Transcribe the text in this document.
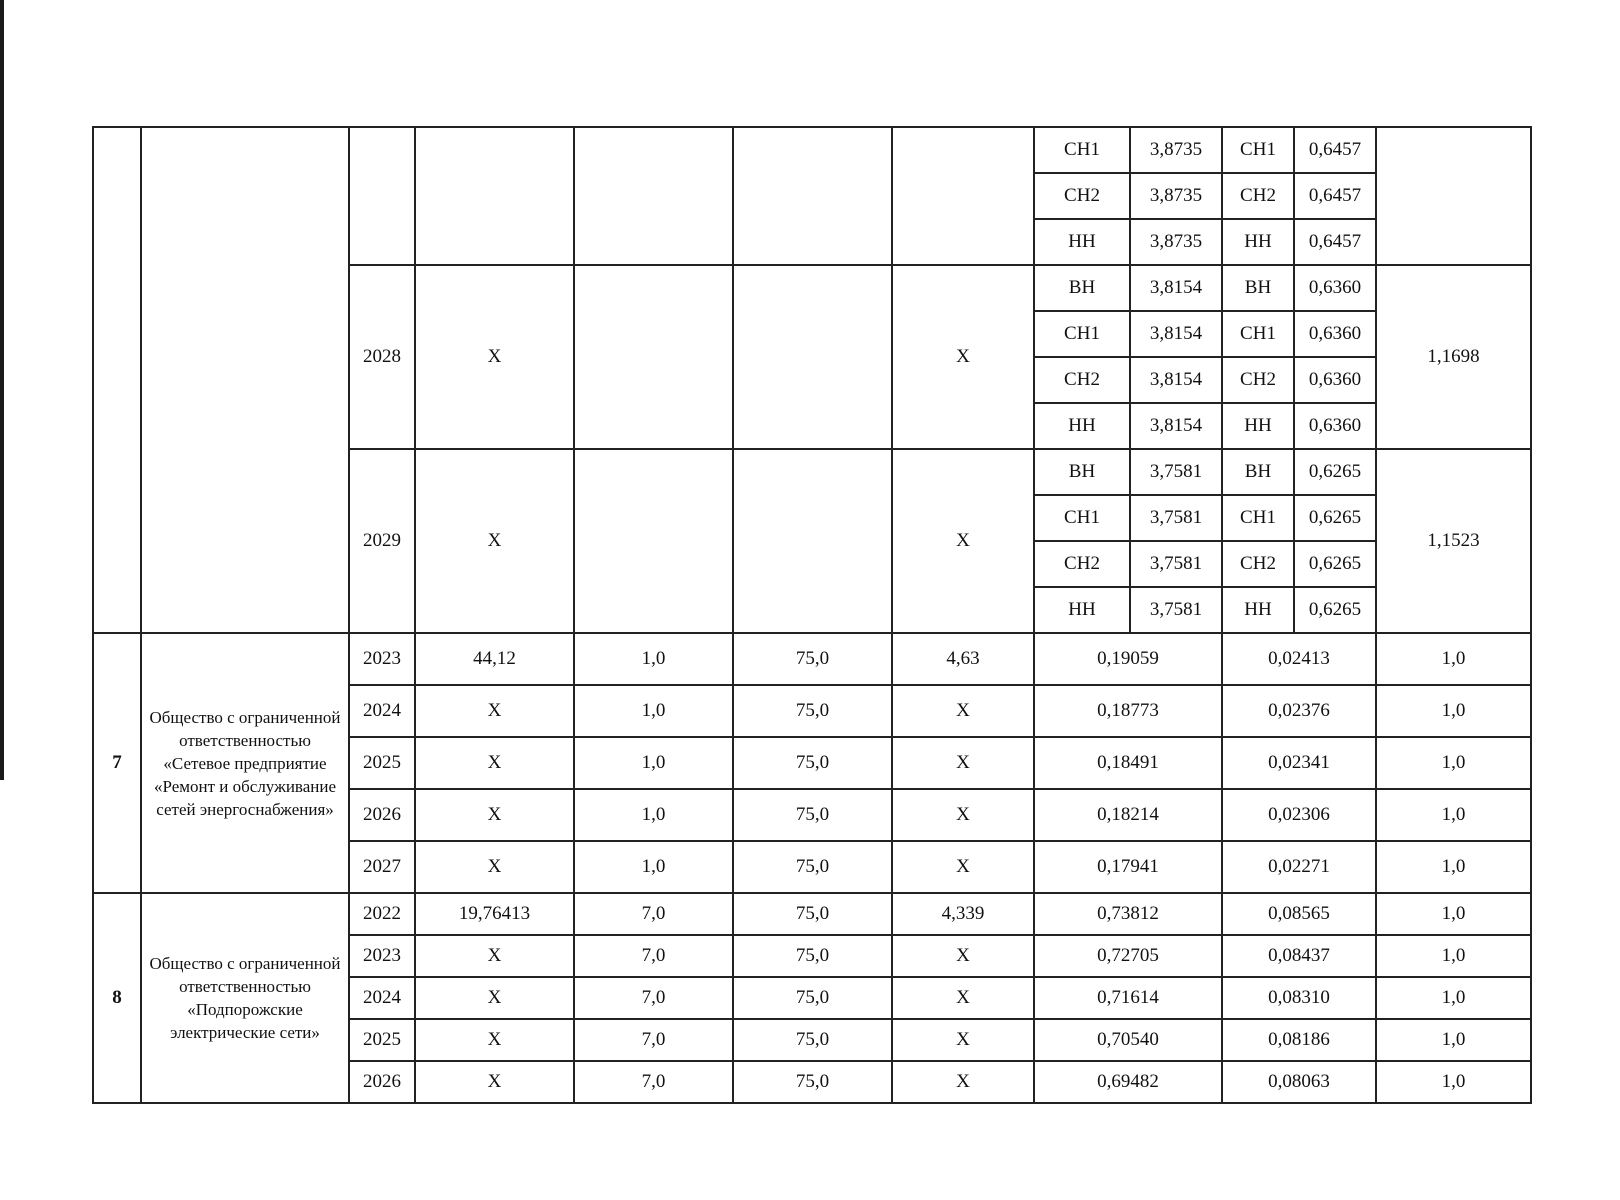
							СН1	3,8735	СН1	0,6457	
							СН2	3,8735	СН2	0,6457	
							НН	3,8735	НН	0,6457	
		2028	Х			Х	ВН	3,8154	ВН	0,6360	1,1698
							СН1	3,8154	СН1	0,6360	
							СН2	3,8154	СН2	0,6360	
							НН	3,8154	НН	0,6360	
		2029	Х			Х	ВН	3,7581	ВН	0,6265	1,1523
							СН1	3,7581	СН1	0,6265	
							СН2	3,7581	СН2	0,6265	
							НН	3,7581	НН	0,6265	
7	Общество с ограниченной ответственностью «Сетевое предприятие «Ремонт и обслуживание сетей энергоснабжения»	2023	44,12	1,0	75,0	4,63	0,19059		0,02413		1,0
		2024	Х	1,0	75,0	Х	0,18773		0,02376		1,0
		2025	Х	1,0	75,0	Х	0,18491		0,02341		1,0
		2026	Х	1,0	75,0	Х	0,18214		0,02306		1,0
		2027	Х	1,0	75,0	Х	0,17941		0,02271		1,0
8	Общество с ограниченной ответственностью «Подпорожские электрические сети»	2022	19,76413	7,0	75,0	4,339	0,73812		0,08565		1,0
		2023	Х	7,0	75,0	Х	0,72705		0,08437		1,0
		2024	Х	7,0	75,0	Х	0,71614		0,08310		1,0
		2025	Х	7,0	75,0	Х	0,70540		0,08186		1,0
		2026	Х	7,0	75,0	Х	0,69482		0,08063		1,0
